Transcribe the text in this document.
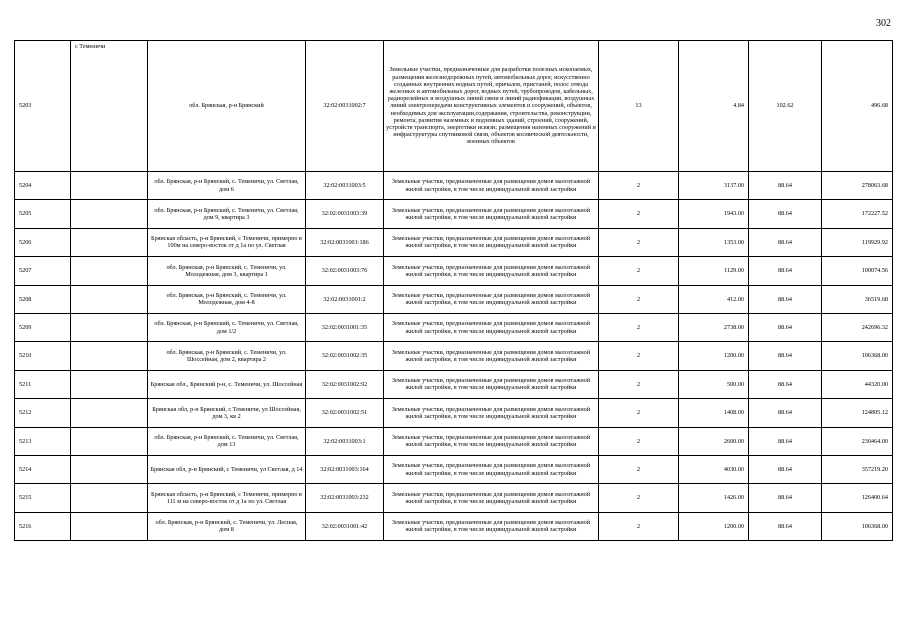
302
5203	с Теменичи	обл. Брянская, р-н Брянский	32:02:0031002:7	Земельные участки, предназначенные для разработки полезных ископаемых, размещения железнодорожных путей, автомобильных дорог, искусственно созданных внутренних водных путей, причалов, пристаней, полос отвода железных и автомобильных дорог, водных путей, трубопроводов, кабельных, радиорелейных и воздушных линий связи и линий радиофикации, воздушных линий электропередачи конструктивных элементов и сооружений, объектов, необходимых для эксплуатации,содержания, строительства, реконструкции, ремонта, развития наземных и подземных зданий, строений, сооружений, устройств транспорта, энергетики исвязи; размещения наземных сооружений и инфраструктуры спутниковой связи, объектов космической деятельности, военных объектов	13	4.84	102.62	496.68
5204		обл. Брянская, р-н Брянский, с. Теменичи, ул. Светлая, дом 6	32:02:0031003:5	Земельные участки, предназначенные для размещения домов малоэтажной жилой застройки, в том числе индивидуальной жилой застройки	2	3137.00	88.64	278063.68
5205		обл. Брянская, р-н Брянский, с. Теменичи, ул. Светлая, дом 9, квартира 3	32:02:0031003:39	Земельные участки, предназначенные для размещения домов малоэтажной жилой застройки, в том числе индивидуальной жилой застройки	2	1943.00	88.64	172227.52
5206		Брянская область, р-н Брянский, с Теменичи, примерно в 100м на северо-восток от д 1а по ул. Светлая	32:02:0031001:186	Земельные участки, предназначенные для размещения домов малоэтажной жилой застройки, в том числе индивидуальной жилой застройки	2	1353.00	88.64	119929.92
5207		обл. Брянская, р-н Брянский, с. Теменичи, ул. Молодежная, дом 3, квартира 1	32:02:0031003:76	Земельные участки, предназначенные для размещения домов малоэтажной жилой застройки, в том числе индивидуальной жилой застройки	2	1129.00	88.64	100074.56
5208		обл. Брянская, р-н Брянский, с. Теменичи, ул. Молодежная, дом 4-8	32:02:0031001:2	Земельные участки, предназначенные для размещения домов малоэтажной жилой застройки, в том числе индивидуальной жилой застройки	2	412.00	88.64	36519.68
5209		обл. Брянская, р-н Брянский, с. Теменичи, ул. Светлая, дом 1/2	32:02:0031001:35	Земельные участки, предназначенные для размещения домов малоэтажной жилой застройки, в том числе индивидуальной жилой застройки	2	2738.00	88.64	242696.32
5210		обл. Брянская, р-н Брянский, с. Теменичи, ул. Шоссейная, дом 2, квартира 2	32:02:0031002:35	Земельные участки, предназначенные для размещения домов малоэтажной жилой застройки, в том числе индивидуальной жилой застройки	2	1200.00	88.64	106368.00
5211		Брянская обл., Брянский р-н, с. Теменичи, ул. Шоссейная	32:02:0031002:92	Земельные участки, предназначенные для размещения домов малоэтажной жилой застройки, в том числе индивидуальной жилой застройки	2	500.00	88.64	44320.00
5212		Брянская обл, р-н Брянский, с Теменичи, ул Шоссейная, дом 3, кв 2	32:02:0031002:51	Земельные участки, предназначенные для размещения домов малоэтажной жилой застройки, в том числе индивидуальной жилой застройки	2	1408.00	88.64	124805.12
5213		обл. Брянская, р-н Брянский, с. Теменичи, ул. Светлая, дом 13	32:02:0031003:1	Земельные участки, предназначенные для размещения домов малоэтажной жилой застройки, в том числе индивидуальной жилой застройки	2	2600.00	88.64	230464.00
5214		Брянская обл, р-н Брянский, с Теменичи, ул Светлая, д 14	32:02:0031003:164	Земельные участки, предназначенные для размещения домов малоэтажной жилой застройки, в том числе индивидуальной жилой застройки	2	4030.00	88.64	357219.20
5215		Брянская область, р-н Брянский, с Теменичи, примерно в 111 м на северо-восток от д 1а по ул. Светлая	32:02:0031003:232	Земельные участки, предназначенные для размещения домов малоэтажной жилой застройки, в том числе индивидуальной жилой застройки	2	1426.00	88.64	126400.64
5216		обл. Брянская, р-н Брянский, с. Теменичи, ул. Лесная, дом 8	32:02:0031001:42	Земельные участки, предназначенные для размещения домов малоэтажной жилой застройки, в том числе индивидуальной жилой застройки	2	1200.00	88.64	106368.00
